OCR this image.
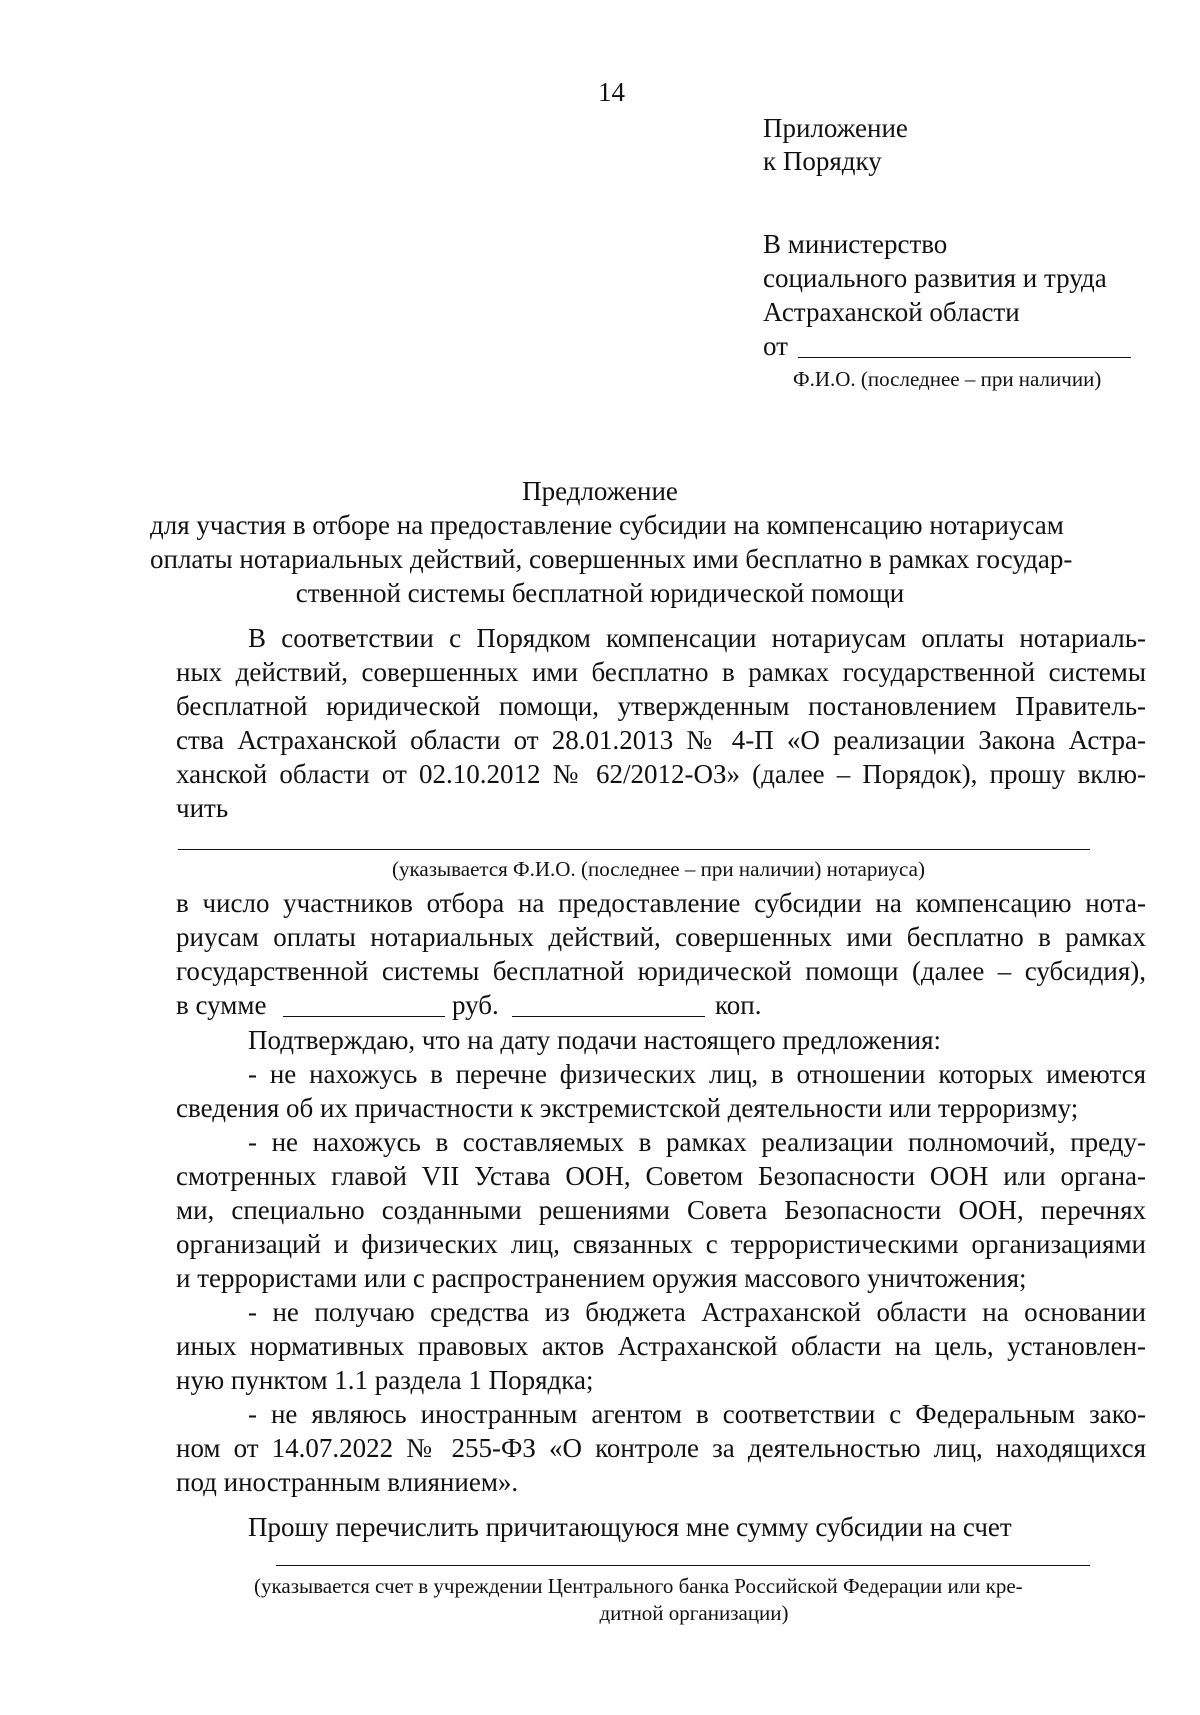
14
Приложение
к Порядку
В министерство
социального развития и труда
Астраханской области
от
Ф.И.О. (последнее – при наличии)
Предложение
для участия в отборе на предоставление субсидии на компенсацию нотариусам
оплаты нотариальных действий, совершенных ими бесплатно в рамках государ-
ственной системы бесплатной юридической помощи
В соответствии с Порядком компенсации нотариусам оплаты нотариаль-
ных действий, совершенных ими бесплатно в рамках государственной системы
бесплатной юридической помощи, утвержденным постановлением Правитель-
ства Астраханской области от 28.01.2013 № 4-П «О реализации Закона Астра-
ханской области от 02.10.2012 № 62/2012-ОЗ» (далее – Порядок), прошу вклю-
чить
(указывается Ф.И.О. (последнее – при наличии) нотариуса)
в число участников отбора на предоставление субсидии на компенсацию нота-
риусам оплаты нотариальных действий, совершенных ими бесплатно в рамках
государственной системы бесплатной юридической помощи (далее – субсидия),
в сумме	руб.	коп.
Подтверждаю, что на дату подачи настоящего предложения:
- не нахожусь в перечне физических лиц, в отношении которых имеются
сведения об их причастности к экстремистской деятельности или терроризму;
- не нахожусь в составляемых в рамках реализации полномочий, преду-
смотренных главой VII Устава ООН, Советом Безопасности ООН или органа-
ми, специально созданными решениями Совета Безопасности ООН, перечнях
организаций и физических лиц, связанных с террористическими организациями
и террористами или с распространением оружия массового уничтожения;
- не получаю средства из бюджета Астраханской области на основании
иных нормативных правовых актов Астраханской области на цель, установлен-
ную пунктом 1.1 раздела 1 Порядка;
- не являюсь иностранным агентом в соответствии с Федеральным зако-
ном от 14.07.2022 № 255-ФЗ «О контроле за деятельностью лиц, находящихся
под иностранным влиянием».
Прошу перечислить причитающуюся мне сумму субсидии на счет
(указывается счет в учреждении Центрального банка Российской Федерации или кре-
дитной организации)
